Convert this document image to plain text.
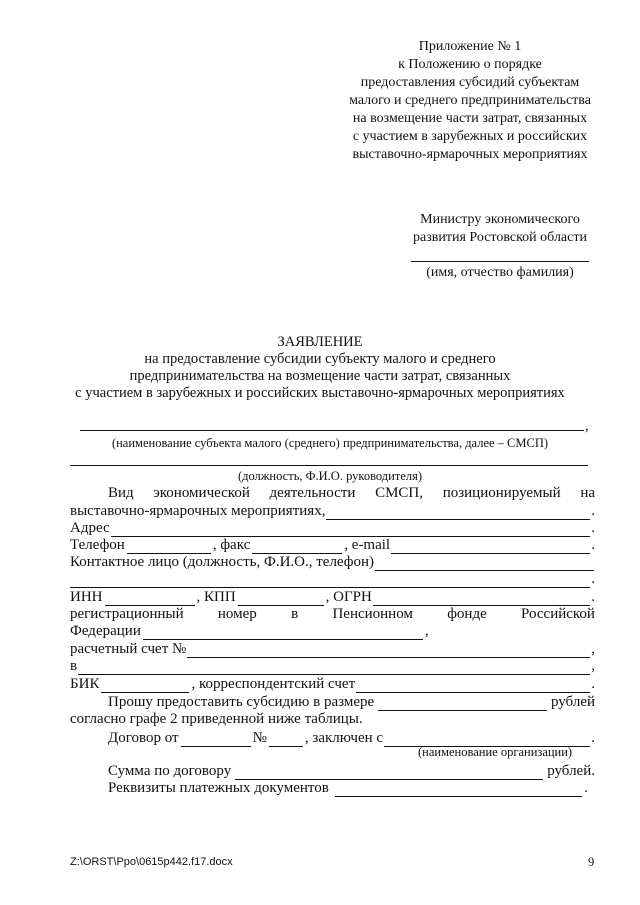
Приложение № 1
к Положению о порядке
предоставления субсидий субъектам
малого и среднего предпринимательства
на возмещение части затрат, связанных
с участием в зарубежных и российских
выставочно-ярмарочных мероприятиях
Министру экономического
развития Ростовской области
(имя, отчество фамилия)
ЗАЯВЛЕНИЕ
на предоставление субсидии субъекту малого и среднего
предпринимательства на возмещение части затрат, связанных
с участием в зарубежных и российских выставочно-ярмарочных мероприятиях
,
(наименование субъекта малого (среднего) предпринимательства, далее – СМСП)
(должность, Ф.И.О. руководителя)
Вид экономической деятельности СМСП, позиционируемый на
выставочно-ярмарочных мероприятиях,	.
Адрес	.
Телефон	, факс	, e-mail	.
Контактное лицо (должность, Ф.И.О., телефон)
.
ИНН	, КПП	, ОГРН	.
регистрационный номер в Пенсионном фонде Российской
Федерации	,
расчетный счет №	,
в	,
БИК	, корреспондентский счет	.
Прошу предоставить субсидию в размере	рублей
согласно графе 2 приведенной ниже таблицы.
Договор от	№	, заключен с	.
(наименование организации)
Сумма по договору	рублей.
Реквизиты платежных документов	.
Z:\ORST\Ppo\0615p442.f17.docx	9
